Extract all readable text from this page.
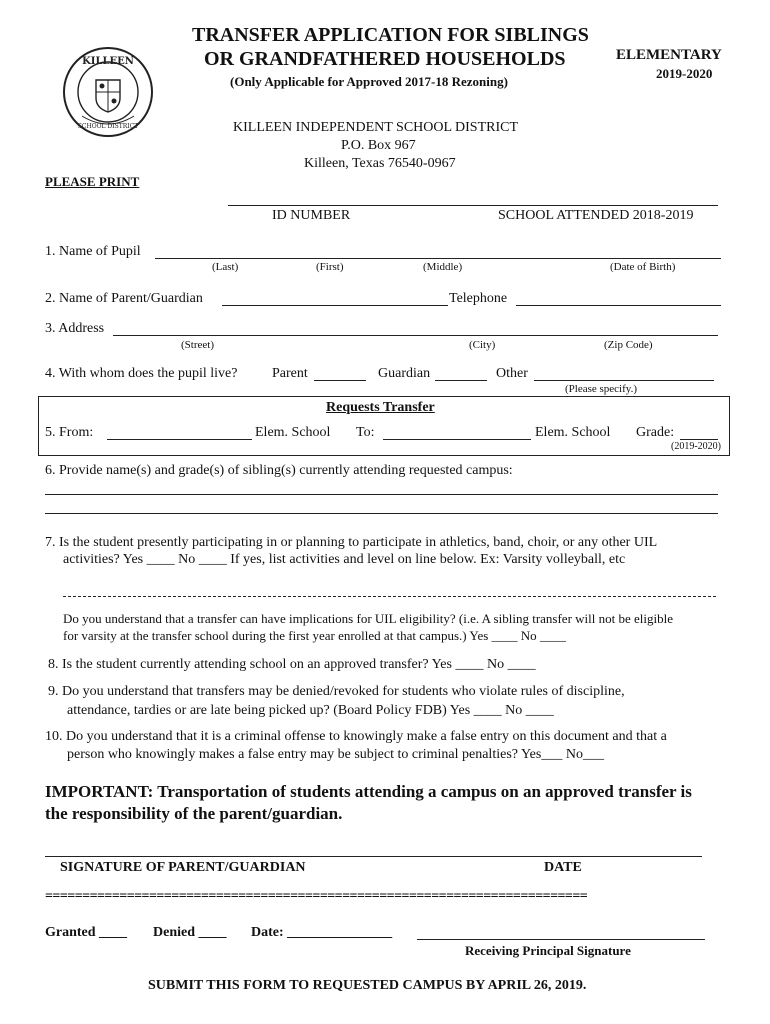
KILLEEN
SCHOOL DISTRICT
TRANSFER APPLICATION FOR SIBLINGS
OR GRANDFATHERED HOUSEHOLDS
(Only Applicable for Approved 2017-18 Rezoning)
ELEMENTARY
2019-2020
KILLEEN INDEPENDENT SCHOOL DISTRICT
P.O. Box 967
Killeen, Texas 76540-0967
PLEASE PRINT
ID NUMBER	SCHOOL ATTENDED 2018-2019
1. Name of Pupil
(Last)	(First)	(Middle)	(Date of Birth)
2. Name of Parent/Guardian	Telephone
3. Address
(Street)	(City)	(Zip Code)
4. With whom does the pupil live? Parent	Guardian	Other
(Please specify.)
Requests Transfer
5. From:	Elem. School To:	Elem. School Grade:
(2019-2020)
6. Provide name(s) and grade(s) of sibling(s) currently attending requested campus:
7. Is the student presently participating in or planning to participate in athletics, band, choir, or any other UIL
activities? Yes ____ No ____ If yes, list activities and level on line below. Ex: Varsity volleyball, etc
Do you understand that a transfer can have implications for UIL eligibility? (i.e. A sibling transfer will not be eligible
for varsity at the transfer school during the first year enrolled at that campus.) Yes ____ No ____
8. Is the student currently attending school on an approved transfer? Yes ____ No ____
9. Do you understand that transfers may be denied/revoked for students who violate rules of discipline,
attendance, tardies or are late being picked up? (Board Policy FDB) Yes ____ No ____
10. Do you understand that it is a criminal offense to knowingly make a false entry on this document and that a
person who knowingly makes a false entry may be subject to criminal penalties? Yes___ No___
IMPORTANT: Transportation of students attending a campus on an approved transfer is
the responsibility of the parent/guardian.
SIGNATURE OF PARENT/GUARDIAN	DATE
=========================================================================
Granted ____ Denied ____ Date: _______________
Receiving Principal Signature
SUBMIT THIS FORM TO REQUESTED CAMPUS BY APRIL 26, 2019.
